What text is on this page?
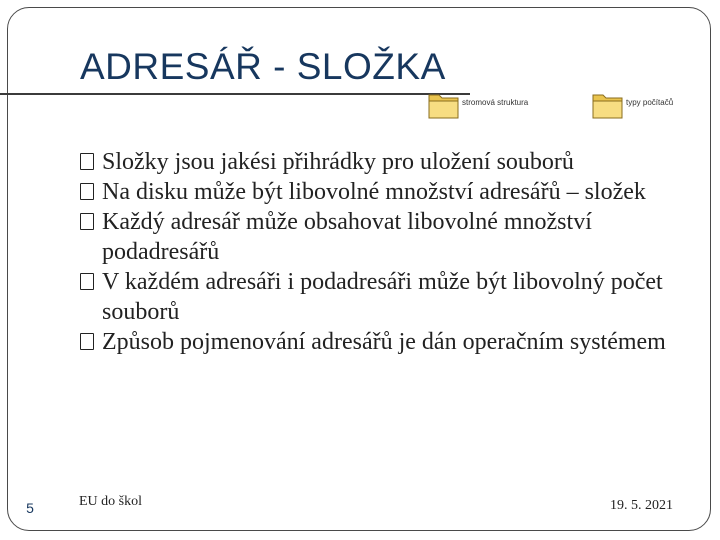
ADRESÁŘ - SLOŽKA
stromová struktura	typy počítačů
Složky jsou jakési přihrádky pro uložení souborů
Na disku může být libovolné množství adresářů – složek
Každý adresář může obsahovat libovolné množství podadresářů
V každém adresáři i podadresáři může být libovolný počet souborů
Způsob pojmenování adresářů je dán operačním systémem
5	EU do škol	19. 5. 2021
